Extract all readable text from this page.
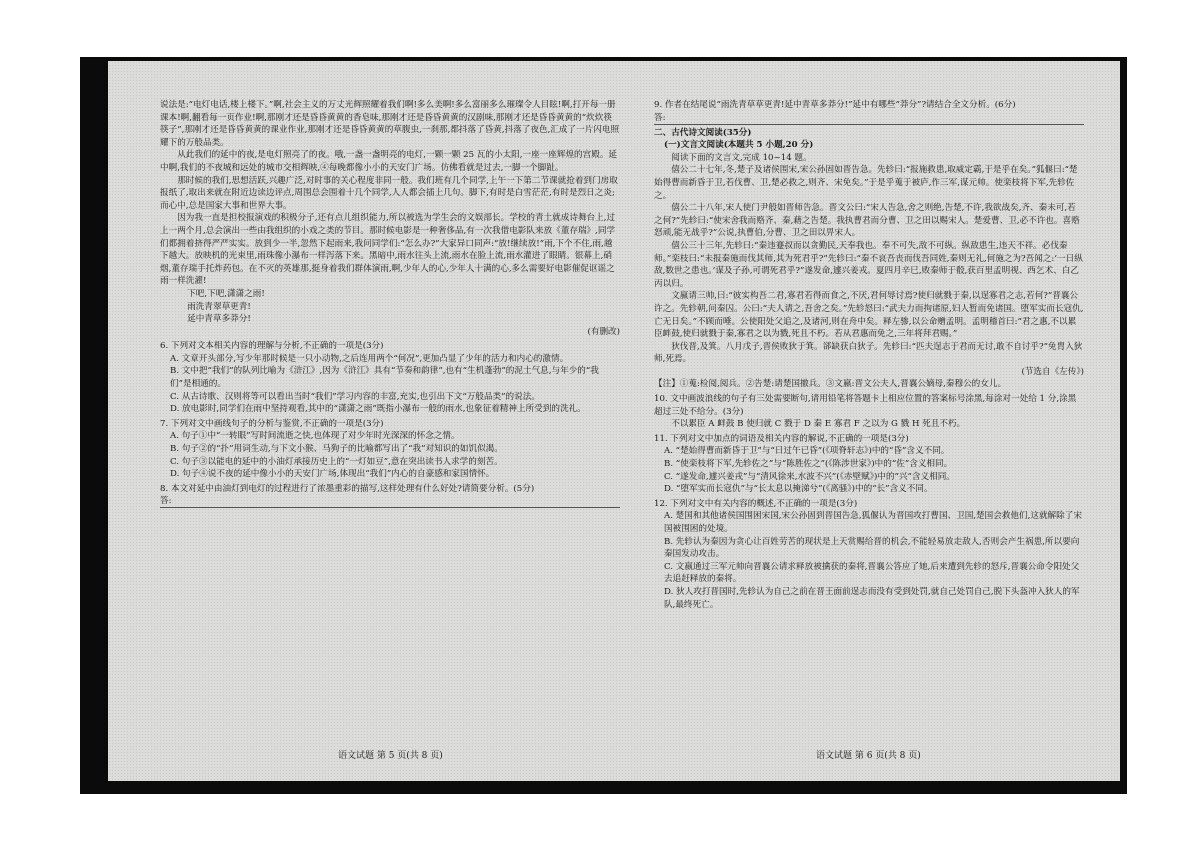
说法是:“电灯电话,楼上楼下。”啊,社会主义的万丈光辉照耀着我们啊!多么美啊!多么富丽多么璀璨令人目眩!啊,打开每一册课本!啊,翻看每一页作业!啊,那刚才还是昏昏黄黄的香皂味,那刚才还是昏昏黄黄的汉剧味,那刚才还是昏昏黄黄的“炊炊筷筷子”,那刚才还是昏昏黄黄的课业作业,那刚才还是昏昏黄黄的草腹虫,一刹那,都抖落了昏黄,抖落了夜色,汇成了一片闪电照耀下的万般品类。

从此我们的延中的夜,是电灯照亮了的夜。哦,一盏一盏明亮的电灯,一颗一颗 25 瓦的小太阳,一座一座辉煌的宫殿。延中啊,我们的不夜城和远处的城市交相辉映,④每晚都像小小的天安门广场。仿佛看就是过去,一脚一个脚趾。

那时候的我们,思想活跃,兴趣广泛,对时事的关心程度非同一般。我们班有几个同学,上午一下第二节课就抢着到门房取报纸了,取出来就在附近边读边评点,周围总会围着十几个同学,人人都会插上几句。脚下,有时是白雪茫茫,有时是烈日之炎;而心中,总是国家大事和世界大事。

因为我一直是担校报演戏的积极分子,还有点儿组织能力,所以被选为学生会的文娱部长。学校的青土就成诗舞台上,过上一两个月,总会演出一些由我组织的小戏之类的节目。那时候电影是一种奢侈品,有一次我借电影队来放《董存瑞》,同学们都拥着挤得严严实实。放到少一半,忽然下起雨来,我问同学们:“怎么办?”大家异口同声:“放!继续放!”雨,下个不住,雨,越下越大。放映机的光束里,雨珠像小瀑布一样泻落下来。黑暗中,雨水往头上流,雨水在脸上流,雨水灌进了眼睛。银幕上,硝烟,董存瑞手托炸药包。在不灭的英雄那,挺身着我们群体演雨,啊,少年人的心,少年人十满的心,多么需要好电影催促讴谣之雨一样洗濯!

下吧,下吧,潇潇之雨!

雨洗青翠草更青!

延中青草多莽分!

(有删改)

6. 下列对文本相关内容的理解与分析,不正确的一项是(3分)

A. 文章开头部分,写少年那时候是一只小动物,之后连用两个“何况”,更加凸显了少年的活力和内心的激情。

B. 文中把“我们”的队列比喻为《浒江》,因为《浒江》具有“节奏和韵律”,也有“生机蓬勃”的泥土气息,与年少的“我们”是相通的。

C. 从古诗歌、汉则将等可以看出当时“我们”学习内容的丰富,充实,也引出下文“万般品类”的说法。

D. 放电影时,同学们在雨中坚持观看,其中的“潇潇之雨”既指小瀑布一般的雨水,也象征着精神上所受到的洗礼。

7. 下列对文中画线句子的分析与鉴赏,不正确的一项是(3分)

A. 句子①中“一转眼”写时间流逝之快,也体现了对少年时光深深的怀念之情。

B. 句子②的“扑”用词生动,与下文小猴、马狗子的比喻都写出了“我”对知识的如饥似渴。

C. 句子③以能电的延中的小油灯承接历史上的“一灯如豆”,意在突出读书人求学的刻苦。

D. 句子④说不夜的延中像小小的天安门广场,体现出“我们”内心的自豪感和家国情怀。

8. 本文对延中由油灯到电灯的过程进行了浓墨重彩的描写,这样处理有什么好处?请简要分析。(5分)

答:

9. 作者在结尾说“雨洗青草草更青!延中青草多莽分!”延中有哪些“莽分”?请结合全文分析。(6分)

答:

二、古代诗文阅读(35分)

(一)文言文阅读(本题共 5 小题,20 分)

阅读下面的文言文,完成 10~14 题。

僖公二十七年,冬,楚子及诸侯围宋,宋公孙固如晋告急。先轸曰:“报施救患,取威定霸,于是乎在矣。”狐偃曰:“楚始得曹而新昏于卫,若伐曹、卫,楚必救之,则齐、宋免矣。”于是乎蒐于被庐,作三军,谋元帅。使栾枝将下军,先轸佐之。

僖公二十八年,宋人使门尹般如晋师告急。晋文公曰:“宋人告急,舍之则绝,告楚,不许,我欲战矣,齐、秦未可,若之何?”先轸曰:“使宋舍我而赂齐、秦,藉之告楚。我执曹君而分曹、卫之田以赐宋人。楚爱曹、卫,必不许也。喜赂怒顽,能无战乎?”公说,执曹伯,分曹、卫之田以畀宋人。

僖公三十三年,先轸曰:“秦违蹇叔而以贪勤民,天奉我也。奉不可失,敌不可纵。纵敌患生,违天不祥。必伐秦师。”栾枝曰:“未报秦施而伐其师,其为死君乎?”先轸曰:“秦不哀吾丧而伐吾同姓,秦则无礼,何施之为?吾闻之:‘一日纵敌,数世之患也。’谋及子孙,可谓死君乎?”遂发命,遽兴姜戎。夏四月辛巳,败秦师于殽,获百里孟明视、西乞术、白乙丙以归。

文嬴请三帅,曰:“彼实构吾二君,寡君若得而食之,不厌,君何辱讨焉?使归就戮于秦,以逞寡君之志,若何?”晋襄公许之。先轸朝,问秦囚。公曰:“夫人请之,吾舍之矣。”先轸怒曰:“武夫力而拘诸原,妇人暂而免诸国。堕军实而长寇仇,亡无日矣。”不顾而唾。公使阳处父追之,及诸河,则在舟中矣。释左骖,以公命赠孟明。孟明稽首曰:“君之惠,不以累臣衅鼓,使归就戮于秦,寡君之以为戮,死且不朽。若从君惠而免之,三年将拜君赐。”

狄伐晋,及箕。八月戊子,晋侯败狄于箕。郤缺获白狄子。先轸曰:“匹夫逞志于君而无讨,敢不自讨乎?”免胄入狄师,死焉。

(节选自《左传》)

【注】①蒐:检阅,阅兵。②告楚:请楚国撤兵。③文嬴:晋文公夫人,晋襄公嫡母,秦穆公的女儿。

10. 文中画波浪线的句子有三处需要断句,请用铅笔将答题卡上相应位置的答案标号涂黑,每涂对一处给 1 分,涂黑超过三处不给分。(3分)

不以累臣 A 衅鼓 B 使归就 C 戮于 D 秦 E 寡君 F 之以为 G 戮 H 死且不朽。

11. 下列对文中加点的词语及相关内容的解说,不正确的一项是(3分)

A. “楚始得曹而新昏于卫”与“日过午已昏”(《项脊轩志》)中的“昏”含义不同。

B. “使栾枝将下军,先轸佐之”与“陈胜佐之”(《陈涉世家》)中的“佐”含义相同。

C. “遂发命,遽兴姜戎”与“清风徐来,水波不兴”(《赤壁赋》)中的“兴”含义相同。

D. “堕军实而长寇仇”与“长太息以掩涕兮”(《离骚》)中的“长”含义不同。

12. 下列对文中有关内容的概述,不正确的一项是(3分)

A. 楚国和其他诸侯国围困宋国,宋公孙固到晋国告急,狐偃认为晋国攻打曹国、卫国,楚国会救他们,这就解除了宋国被围困的处境。

B. 先轸认为秦因为贪心让百姓劳苦的现状是上天赏赐给晋的机会,不能轻易放走敌人,否则会产生祸患,所以要向秦国发动攻击。

C. 文嬴通过三军元帅向晋襄公请求释放被擒获的秦将,晋襄公答应了她,后来遭到先轸的怒斥,晋襄公命令阳处父去追赶释放的秦将。

D. 狄人攻打晋国时,先轸认为自己之前在晋王面前逞志而没有受到处罚,就自己处罚自己,脱下头盔冲入狄人的军队,最终死亡。

语文试题 第 5 页(共 8 页)	语文试题 第 6 页(共 8 页)
